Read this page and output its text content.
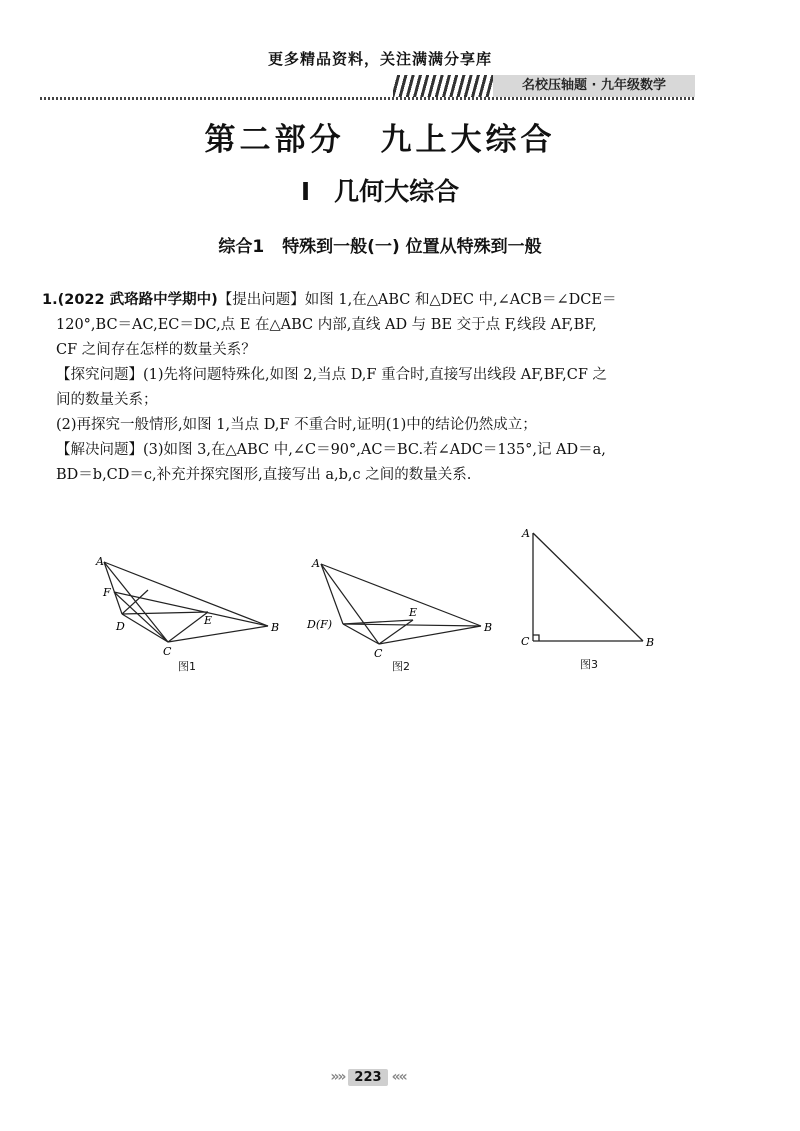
更多精品资料，关注满满分享库
名校压轴题 · 九年级数学
第二部分 九上大综合
Ⅰ 几何大综合
综合1 特殊到一般(一) 位置从特殊到一般

1.(2022 武珞路中学期中)【提出问题】如图 1,在△ABC 和△DEC 中,∠ACB＝∠DCE＝

120°,BC＝AC,EC＝DC,点 E 在△ABC 内部,直线 AD 与 BE 交于点 F,线段 AF,BF,

CF 之间存在怎样的数量关系？

【探究问题】(1)先将问题特殊化,如图 2,当点 D,F 重合时,直接写出线段 AF,BF,CF 之

间的数量关系；

(2)再探究一般情形,如图 1,当点 D,F 不重合时,证明(1)中的结论仍然成立；

【解决问题】(3)如图 3,在△ABC 中,∠C＝90°,AC＝BC.若∠ADC＝135°,记 AD＝a,

BD＝b,CD＝c,补充并探究图形,直接写出 a,b,c 之间的数量关系.

A
F
D	E
B
C
图1
A
D(F)
E
B
C
图2
A
C	B
图3
»» 223 ««
